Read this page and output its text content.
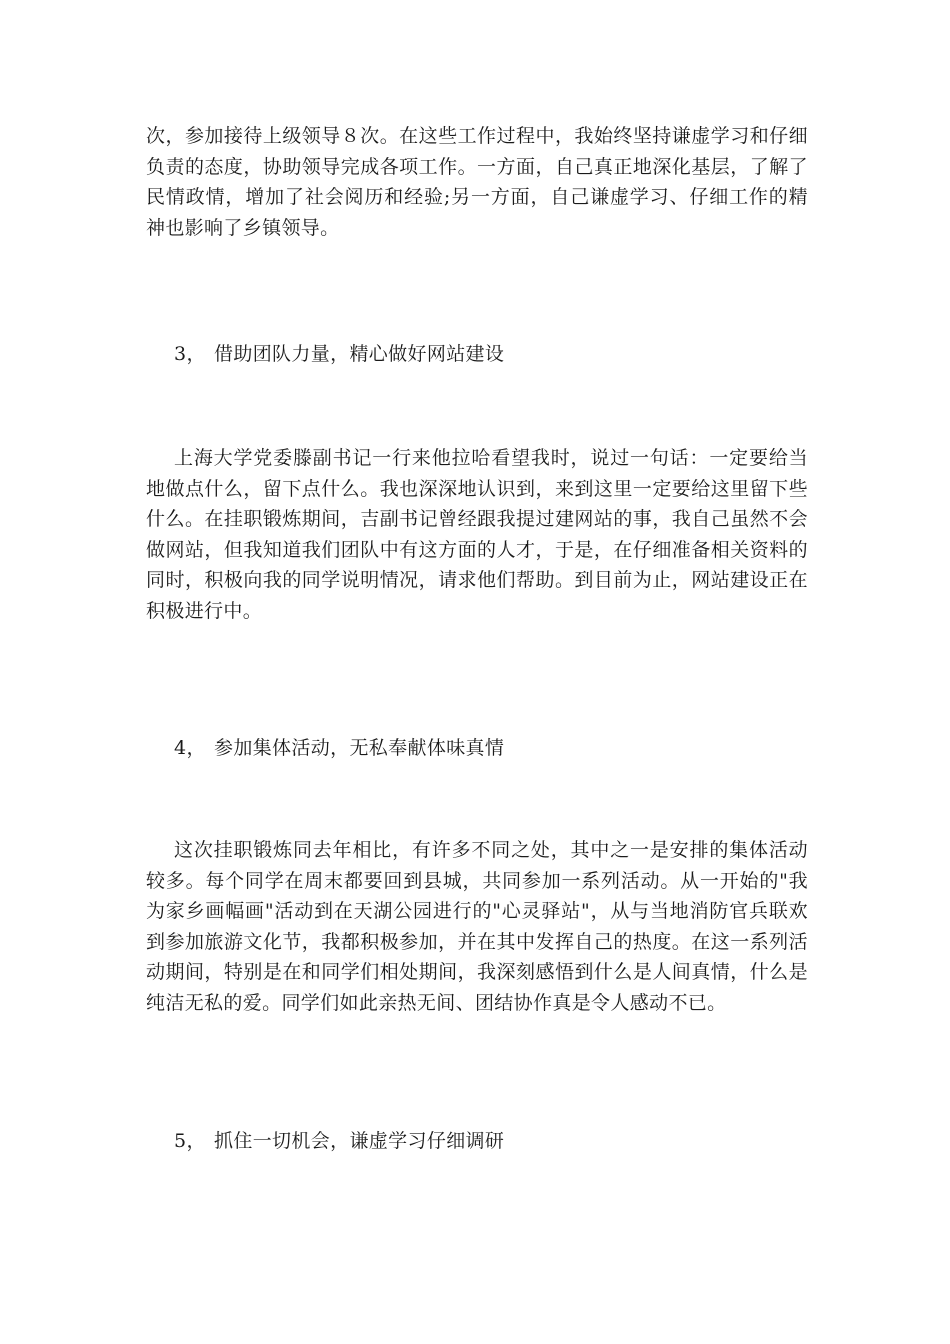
次，参加接待上级领导８次。在这些工作过程中，我始终坚持谦虚学习和仔细负责的态度，协助领导完成各项工作。一方面，自己真正地深化基层，了解了民情政情，增加了社会阅历和经验;另一方面，自己谦虚学习、仔细工作的精神也影响了乡镇领导。

3， 借助团队力量，精心做好网站建设

上海大学党委滕副书记一行来他拉哈看望我时，说过一句话：一定要给当地做点什么，留下点什么。我也深深地认识到，来到这里一定要给这里留下些什么。在挂职锻炼期间，吉副书记曾经跟我提过建网站的事，我自己虽然不会做网站，但我知道我们团队中有这方面的人才，于是，在仔细准备相关资料的同时，积极向我的同学说明情况，请求他们帮助。到目前为止，网站建设正在积极进行中。

4， 参加集体活动，无私奉献体味真情

这次挂职锻炼同去年相比，有许多不同之处，其中之一是安排的集体活动较多。每个同学在周末都要回到县城，共同参加一系列活动。从一开始的"我为家乡画幅画"活动到在天湖公园进行的"心灵驿站"，从与当地消防官兵联欢到参加旅游文化节，我都积极参加，并在其中发挥自己的热度。在这一系列活动期间，特别是在和同学们相处期间，我深刻感悟到什么是人间真情，什么是纯洁无私的爱。同学们如此亲热无间、团结协作真是令人感动不已。

5， 抓住一切机会，谦虚学习仔细调研
